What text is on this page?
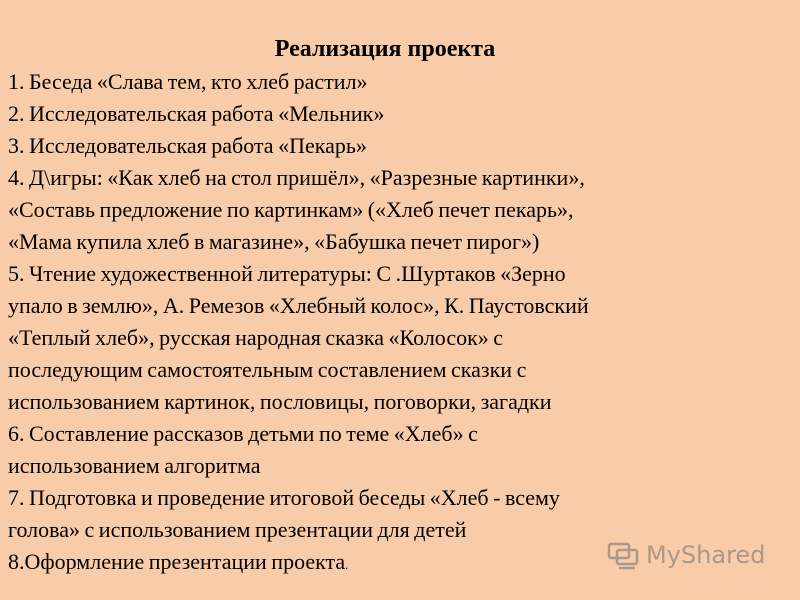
Реализация проекта
1. Беседа «Слава тем, кто хлеб растил»
2. Исследовательская работа «Мельник»
3. Исследовательская работа «Пекарь»
4. Д\игры: «Как хлеб на стол пришёл», «Разрезные картинки»,
«Составь предложение по картинкам» («Хлеб печет пекарь»,
«Мама купила хлеб в магазине», «Бабушка печет пирог»)
5. Чтение художественной литературы: С .Шуртаков «Зерно
упало в землю», А. Ремезов «Хлебный колос», К. Паустовский
«Теплый хлеб», русская народная сказка «Колосок» с
последующим самостоятельным составлением сказки с
использованием картинок, пословицы, поговорки, загадки
6. Составление рассказов детьми по теме «Хлеб» с
использованием алгоритма
7. Подготовка и проведение итоговой беседы «Хлеб - всему
голова» с использованием презентации для детей
8.Оформление презентации проекта.	MyShared
